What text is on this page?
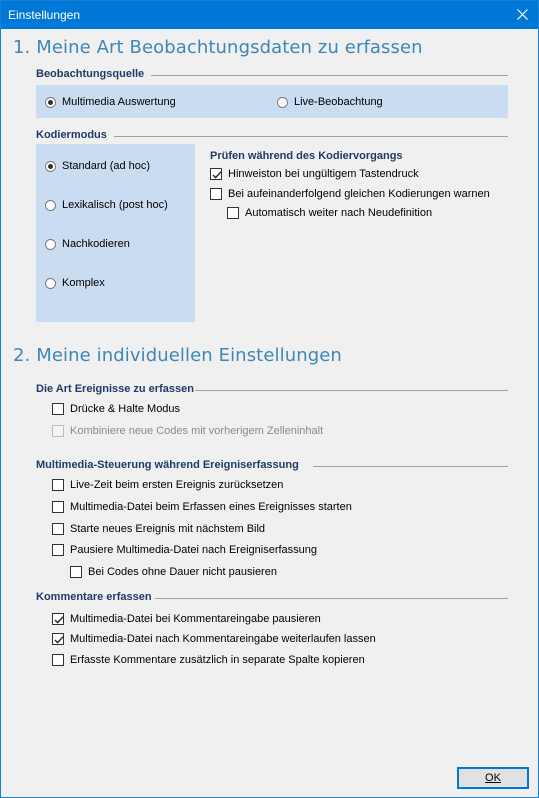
Einstellungen
1. Meine Art Beobachtungsdaten zu erfassen
Beobachtungsquelle
Multimedia Auswertung	Live-Beobachtung
Kodiermodus
Standard (ad hoc)
Lexikalisch (post hoc)
Nachkodieren
Komplex
Prüfen während des Kodiervorgangs
Hinweiston bei ungültigem Tastendruck
Bei aufeinanderfolgend gleichen Kodierungen warnen
Automatisch weiter nach Neudefinition
2. Meine individuellen Einstellungen
Die Art Ereignisse zu erfassen
Drücke & Halte Modus
Kombiniere neue Codes mit vorherigem Zelleninhalt
Multimedia-Steuerung während Ereigniserfassung
Live-Zeit beim ersten Ereignis zurücksetzen
Multimedia-Datei beim Erfassen eines Ereignisses starten
Starte neues Ereignis mit nächstem Bild
Pausiere Multimedia-Datei nach Ereigniserfassung
Bei Codes ohne Dauer nicht pausieren
Kommentare erfassen
Multimedia-Datei bei Kommentareingabe pausieren
Multimedia-Datei nach Kommentareingabe weiterlaufen lassen
Erfasste Kommentare zusätzlich in separate Spalte kopieren
OK
